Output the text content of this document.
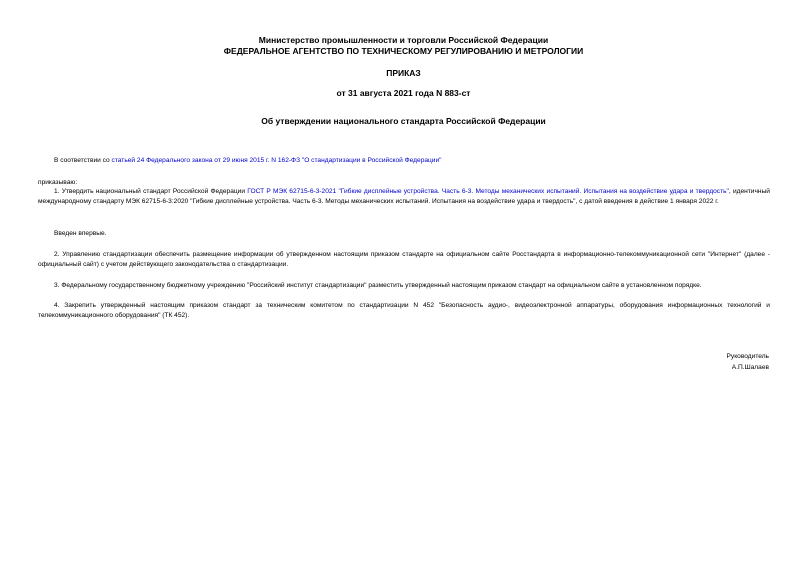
Министерство промышленности и торговли Российской Федерации
ФЕДЕРАЛЬНОЕ АГЕНТСТВО ПО ТЕХНИЧЕСКОМУ РЕГУЛИРОВАНИЮ И МЕТРОЛОГИИ
ПРИКАЗ
от 31 августа 2021 года N 883-ст
Об утверждении национального стандарта Российской Федерации
В соответствии со статьей 24 Федерального закона от 29 июня 2015 г. N 162-ФЗ "О стандартизации в Российской Федерации"
приказываю:
1. Утвердить национальный стандарт Российской Федерации ГОСТ Р МЭК 62715-6-3-2021 "Гибкие дисплейные устройства. Часть 6-3. Методы механических испытаний. Испытания на воздействие удара и твердость", идентичный международному стандарту МЭК 62715-6-3:2020 "Гибкие дисплейные устройства. Часть 6-3. Методы механических испытаний. Испытания на воздействие удара и твердость", с датой введения в действие 1 января 2022 г.
Введен впервые.
2. Управлению стандартизации обеспечить размещение информации об утвержденном настоящим приказом стандарте на официальном сайте Росстандарта в информационно-телекоммуникационной сети "Интернет" (далее - официальный сайт) с учетом действующего законодательства о стандартизации.
3. Федеральному государственному бюджетному учреждению "Российский институт стандартизации" разместить утвержденный настоящим приказом стандарт на официальном сайте в установленном порядке.
4. Закрепить утвержденный настоящим приказом стандарт за техническим комитетом по стандартизации N 452 "Безопасность аудио-, видеоэлектронной аппаратуры, оборудования информационных технологий и телекоммуникационного оборудования" (ТК 452).
Руководитель
А.П.Шалаев
